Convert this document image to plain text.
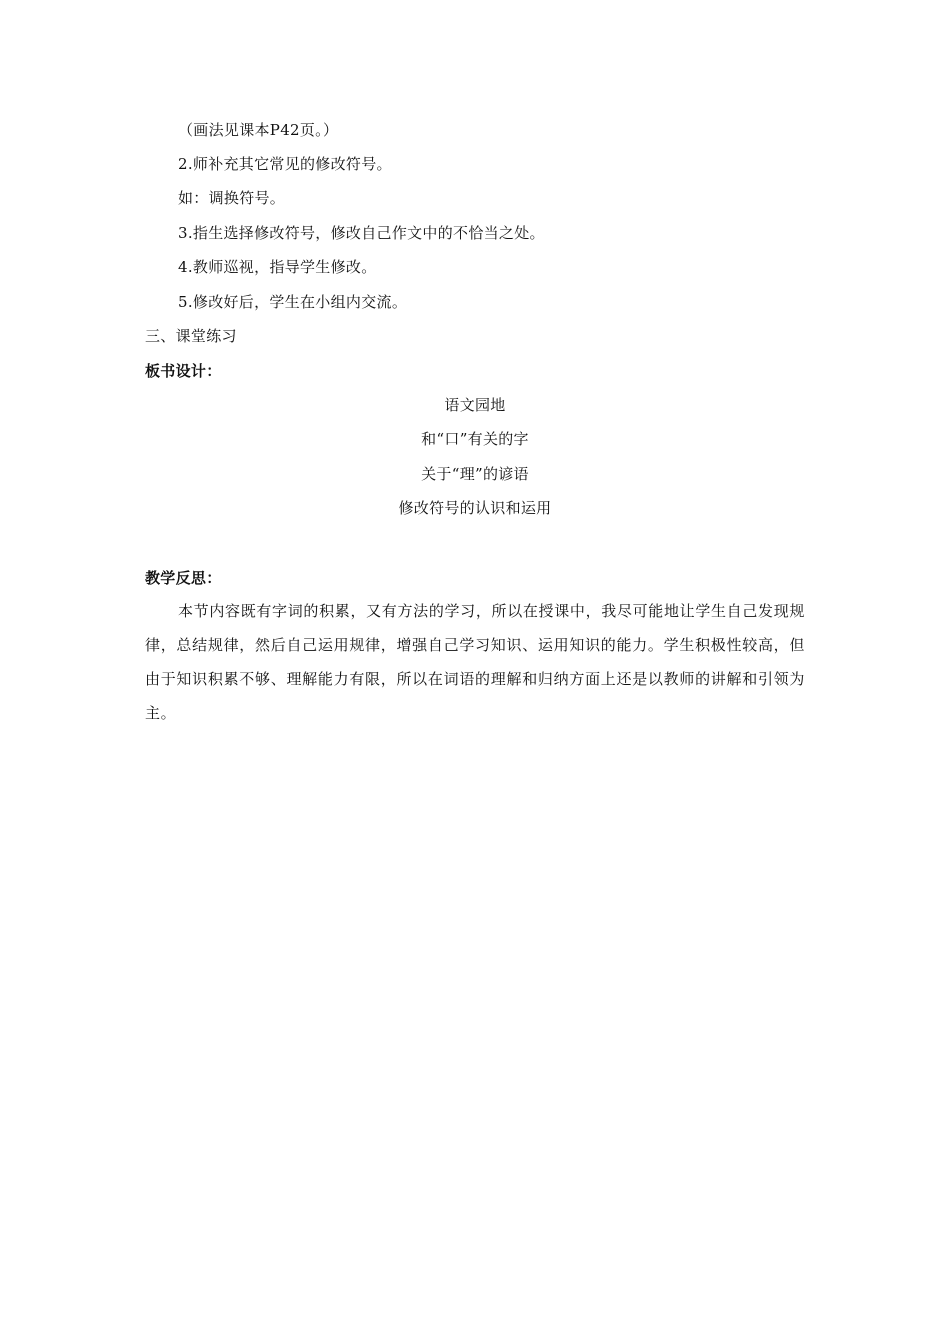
（画法见课本P42页。）
2.师补充其它常见的修改符号。
如：调换符号。
3.指生选择修改符号，修改自己作文中的不恰当之处。
4.教师巡视，指导学生修改。
5.修改好后，学生在小组内交流。
三、课堂练习
板书设计：
语文园地
和“口”有关的字
关于“理”的谚语
修改符号的认识和运用
教学反思：
本节内容既有字词的积累，又有方法的学习，所以在授课中，我尽可能地让学生自己发现规律，总结规律，然后自己运用规律，增强自己学习知识、运用知识的能力。学生积极性较高，但由于知识积累不够、理解能力有限，所以在词语的理解和归纳方面上还是以教师的讲解和引领为主。
